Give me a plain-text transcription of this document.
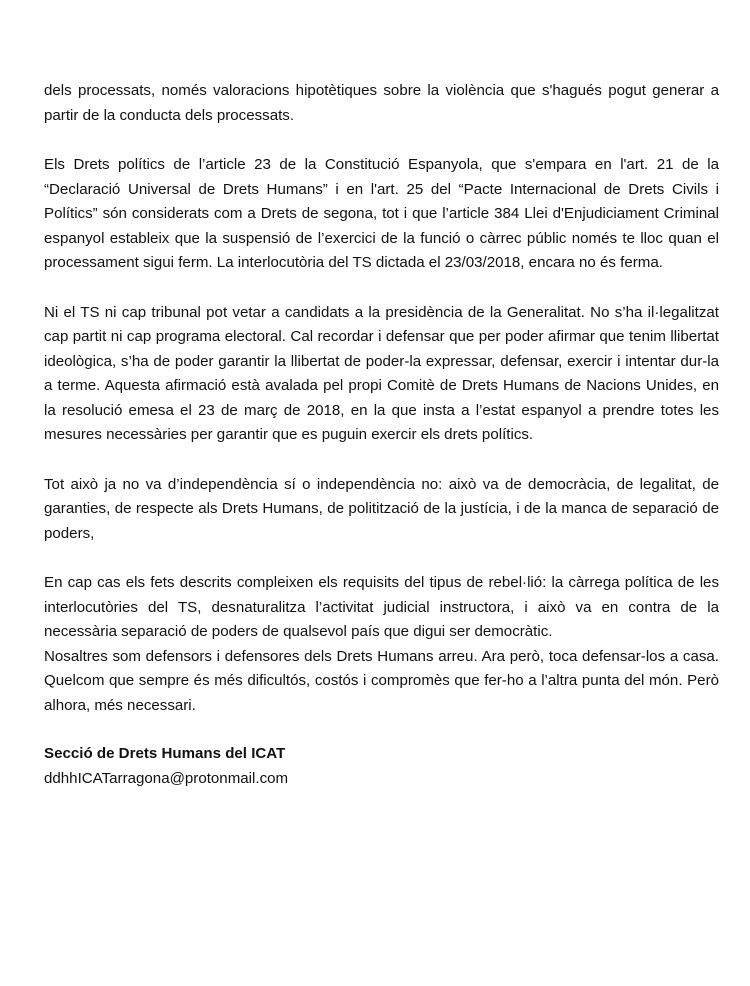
dels processats, només valoracions hipotètiques sobre la violència que s'hagués pogut generar a partir de la conducta dels processats.

Els Drets polítics de l’article 23 de la Constitució Espanyola, que s'empara en l'art. 21 de la “Declaració Universal de Drets Humans” i en l'art. 25 del “Pacte Internacional de Drets Civils i Polítics” són considerats com a Drets de segona, tot i que l’article 384 Llei d'Enjudiciament Criminal espanyol estableix que la suspensió de l’exercici de la funció o càrrec públic només te lloc quan el processament sigui ferm. La interlocutòria del TS dictada el 23/03/2018, encara no és ferma.

Ni el TS ni cap tribunal pot vetar a candidats a la presidència de la Generalitat. No s’ha il·legalitzat cap partit ni cap programa electoral. Cal recordar i defensar que per poder afirmar que tenim llibertat ideològica, s’ha de poder garantir la llibertat de poder-la expressar, defensar, exercir i intentar dur-la a terme. Aquesta afirmació està avalada pel propi Comitè de Drets Humans de Nacions Unides, en la resolució emesa el 23 de març de 2018, en la que insta a l’estat espanyol a prendre totes les mesures necessàries per garantir que es puguin exercir els drets polítics.

Tot això ja no va d’independència sí o independència no: això va de democràcia, de legalitat, de garanties, de respecte als Drets Humans, de politització de la justícia, i de la manca de separació de poders,

En cap cas els fets descrits compleixen els requisits del tipus de rebel·lió: la càrrega política de les interlocutòries del TS, desnaturalitza l’activitat judicial instructora, i això va en contra de la necessària separació de poders de qualsevol país que digui ser democràtic.

Nosaltres som defensors i defensores dels Drets Humans arreu. Ara però, toca defensar-los a casa. Quelcom que sempre és més dificultós, costós i compromès que fer-ho a l’altra punta del món. Però alhora, més necessari.

Secció de Drets Humans del ICAT
ddhhICATarragona@protonmail.com
